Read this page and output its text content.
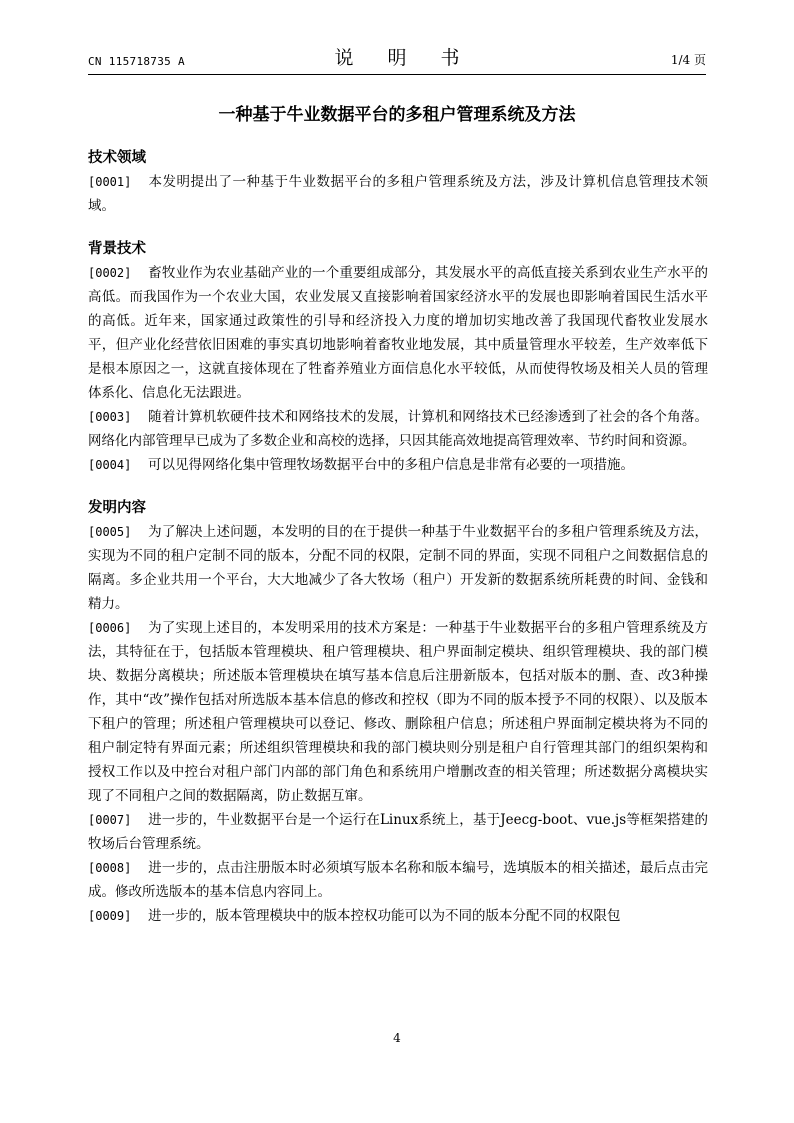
CN 115718735 A	说 明 书	1/4 页
一种基于牛业数据平台的多租户管理系统及方法
技术领域
[0001] 本发明提出了一种基于牛业数据平台的多租户管理系统及方法，涉及计算机信息管理技术领域。
背景技术
[0002] 畜牧业作为农业基础产业的一个重要组成部分，其发展水平的高低直接关系到农业生产水平的高低。而我国作为一个农业大国，农业发展又直接影响着国家经济水平的发展也即影响着国民生活水平的高低。近年来，国家通过政策性的引导和经济投入力度的增加切实地改善了我国现代畜牧业发展水平，但产业化经营依旧困难的事实真切地影响着畜牧业地发展，其中质量管理水平较差，生产效率低下是根本原因之一，这就直接体现在了牲畜养殖业方面信息化水平较低，从而使得牧场及相关人员的管理体系化、信息化无法跟进。
[0003] 随着计算机软硬件技术和网络技术的发展，计算机和网络技术已经渗透到了社会的各个角落。网络化内部管理早已成为了多数企业和高校的选择，只因其能高效地提高管理效率、节约时间和资源。
[0004] 可以见得网络化集中管理牧场数据平台中的多租户信息是非常有必要的一项措施。
发明内容
[0005] 为了解决上述问题，本发明的目的在于提供一种基于牛业数据平台的多租户管理系统及方法，实现为不同的租户定制不同的版本，分配不同的权限，定制不同的界面，实现不同租户之间数据信息的隔离。多企业共用一个平台，大大地减少了各大牧场（租户）开发新的数据系统所耗费的时间、金钱和精力。
[0006] 为了实现上述目的，本发明采用的技术方案是：一种基于牛业数据平台的多租户管理系统及方法，其特征在于，包括版本管理模块、租户管理模块、租户界面制定模块、组织管理模块、我的部门模块、数据分离模块；所述版本管理模块在填写基本信息后注册新版本，包括对版本的删、查、改3种操作，其中“改”操作包括对所选版本基本信息的修改和控权（即为不同的版本授予不同的权限）、以及版本下租户的管理；所述租户管理模块可以登记、修改、删除租户信息；所述租户界面制定模块将为不同的租户制定特有界面元素；所述组织管理模块和我的部门模块则分别是租户自行管理其部门的组织架构和授权工作以及中控台对租户部门内部的部门角色和系统用户增删改查的相关管理；所述数据分离模块实现了不同租户之间的数据隔离，防止数据互窜。
[0007] 进一步的，牛业数据平台是一个运行在Linux系统上，基于Jeecg-boot、vue.js等框架搭建的牧场后台管理系统。
[0008] 进一步的，点击注册版本时必须填写版本名称和版本编号，选填版本的相关描述，最后点击完成。修改所选版本的基本信息内容同上。
[0009] 进一步的，版本管理模块中的版本控权功能可以为不同的版本分配不同的权限包
4
